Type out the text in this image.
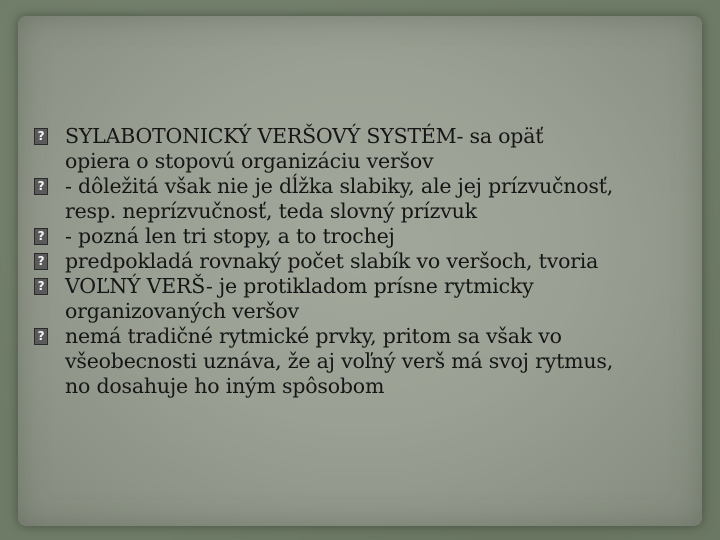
?
SYLABOTONICKÝ VERŠOVÝ SYSTÉM- sa opäť
opiera o stopovú organizáciu veršov

?
- dôležitá však nie je dĺžka slabiky, ale jej prízvučnosť,
resp. neprízvučnosť, teda slovný prízvuk

?
- pozná len tri stopy, a to trochej

?
predpokladá rovnaký počet slabík vo veršoch, tvoria

?
VOĽNÝ VERŠ- je protikladom prísne rytmicky
organizovaných veršov

?
nemá tradičné rytmické prvky, pritom sa však vo
všeobecnosti uznáva, že aj voľný verš má svoj rytmus,
no dosahuje ho iným spôsobom
